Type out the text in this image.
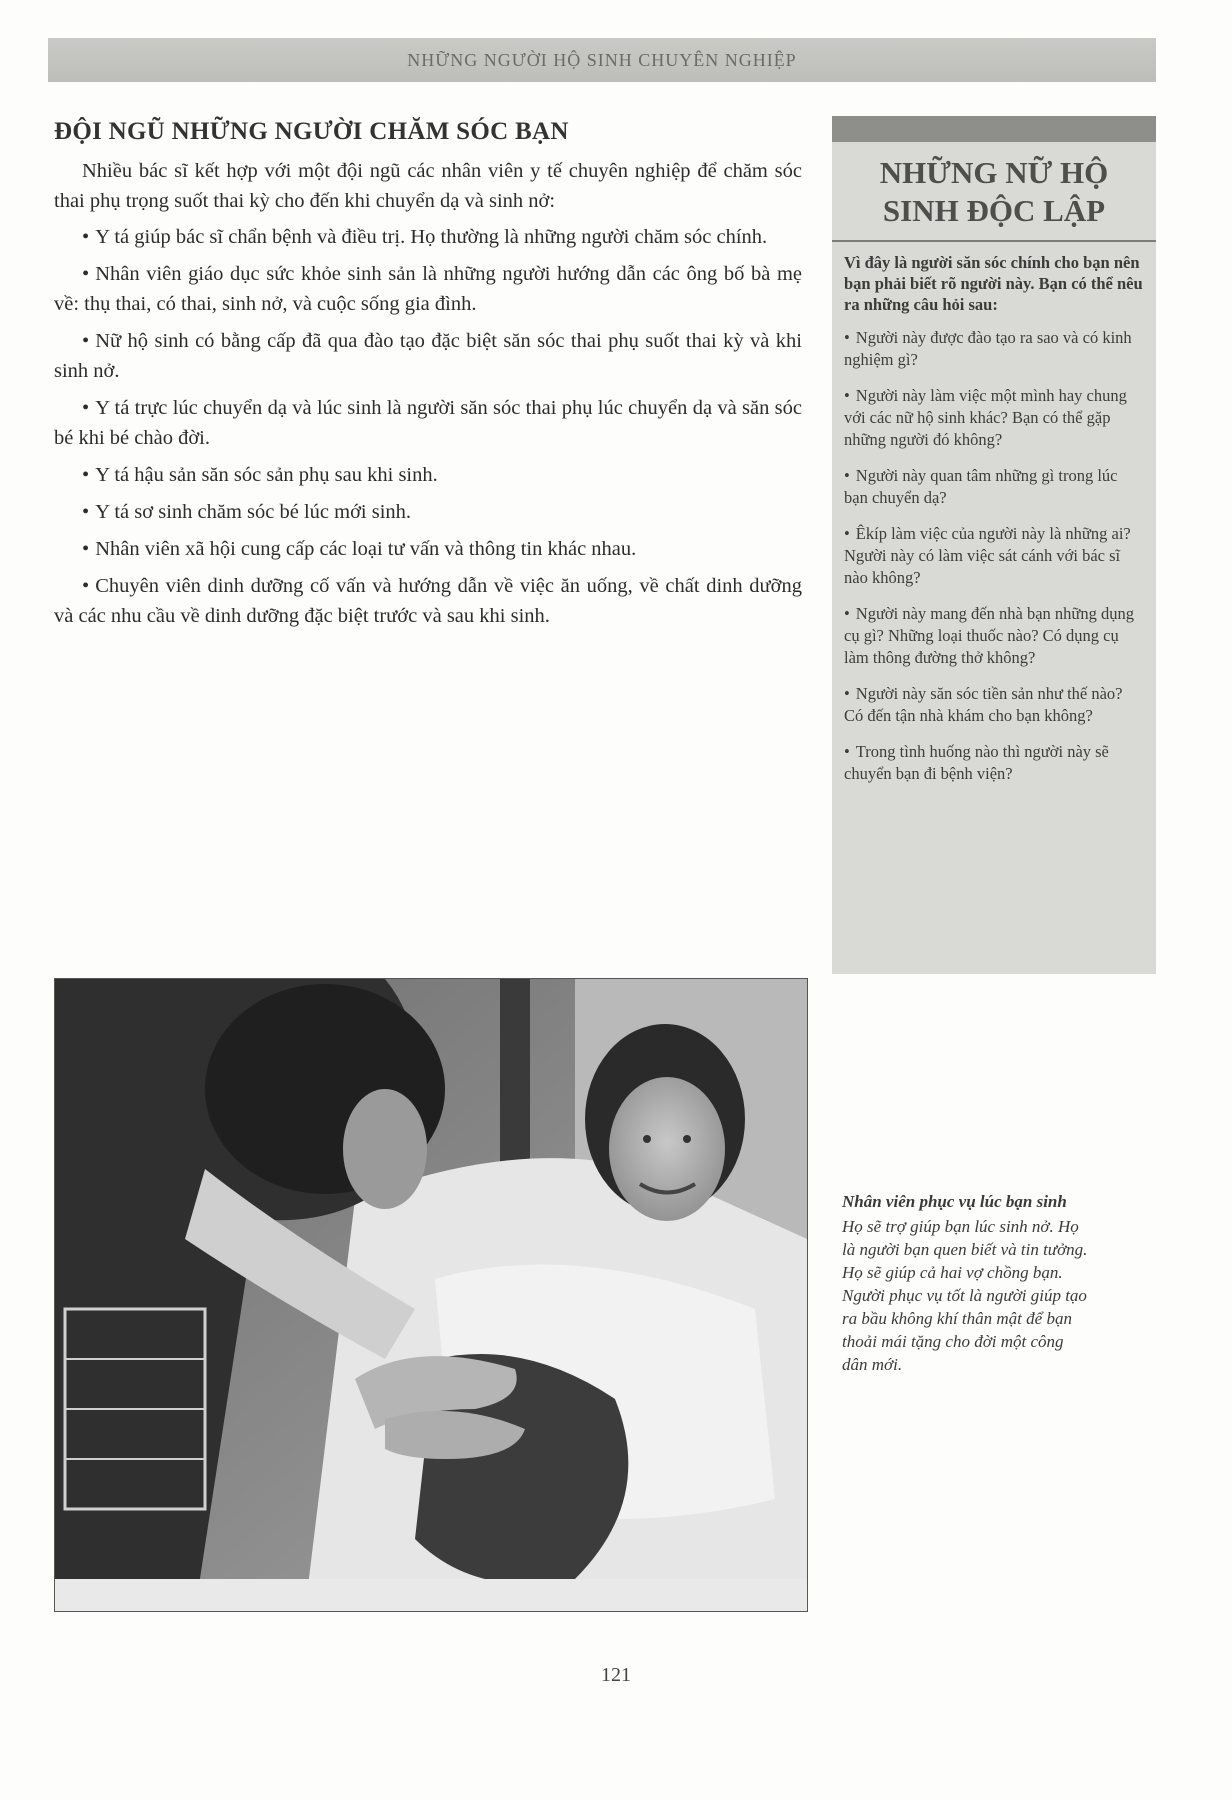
NHỮNG NGƯỜI HỘ SINH CHUYÊN NGHIỆP
ĐỘI NGŨ NHỮNG NGƯỜI CHĂM SÓC BẠN

Nhiều bác sĩ kết hợp với một đội ngũ các nhân viên y tế chuyên nghiệp để chăm sóc thai phụ trọng suốt thai kỳ cho đến khi chuyển dạ và sinh nở:

• Y tá giúp bác sĩ chẩn bệnh và điều trị. Họ thường là những người chăm sóc chính.

• Nhân viên giáo dục sức khỏe sinh sản là những người hướng dẫn các ông bố bà mẹ về: thụ thai, có thai, sinh nở, và cuộc sống gia đình.

• Nữ hộ sinh có bằng cấp đã qua đào tạo đặc biệt săn sóc thai phụ suốt thai kỳ và khi sinh nở.

• Y tá trực lúc chuyển dạ và lúc sinh là người săn sóc thai phụ lúc chuyển dạ và săn sóc bé khi bé chào đời.

• Y tá hậu sản săn sóc sản phụ sau khi sinh.

• Y tá sơ sinh chăm sóc bé lúc mới sinh.

• Nhân viên xã hội cung cấp các loại tư vấn và thông tin khác nhau.

• Chuyên viên dinh dưỡng cố vấn và hướng dẫn về việc ăn uống, về chất dinh dưỡng và các nhu cầu về dinh dưỡng đặc biệt trước và sau khi sinh.

NHỮNG NỮ HỘ SINH ĐỘC LẬP

Vì đây là người săn sóc chính cho bạn nên bạn phải biết rõ người này. Bạn có thể nêu ra những câu hỏi sau:

• Người này được đào tạo ra sao và có kinh nghiệm gì?

• Người này làm việc một mình hay chung với các nữ hộ sinh khác? Bạn có thể gặp những người đó không?

• Người này quan tâm những gì trong lúc bạn chuyển dạ?

• Êkíp làm việc của người này là những ai? Người này có làm việc sát cánh với bác sĩ nào không?

• Người này mang đến nhà bạn những dụng cụ gì? Những loại thuốc nào? Có dụng cụ làm thông đường thở không?

• Người này săn sóc tiền sản như thế nào? Có đến tận nhà khám cho bạn không?

• Trong tình huống nào thì người này sẽ chuyển bạn đi bệnh viện?

Nhân viên phục vụ lúc bạn sinh

Họ sẽ trợ giúp bạn lúc sinh nở. Họ là người bạn quen biết và tin tưởng. Họ sẽ giúp cả hai vợ chồng bạn. Người phục vụ tốt là người giúp tạo ra bầu không khí thân mật để bạn thoải mái tặng cho đời một công dân mới.

121
